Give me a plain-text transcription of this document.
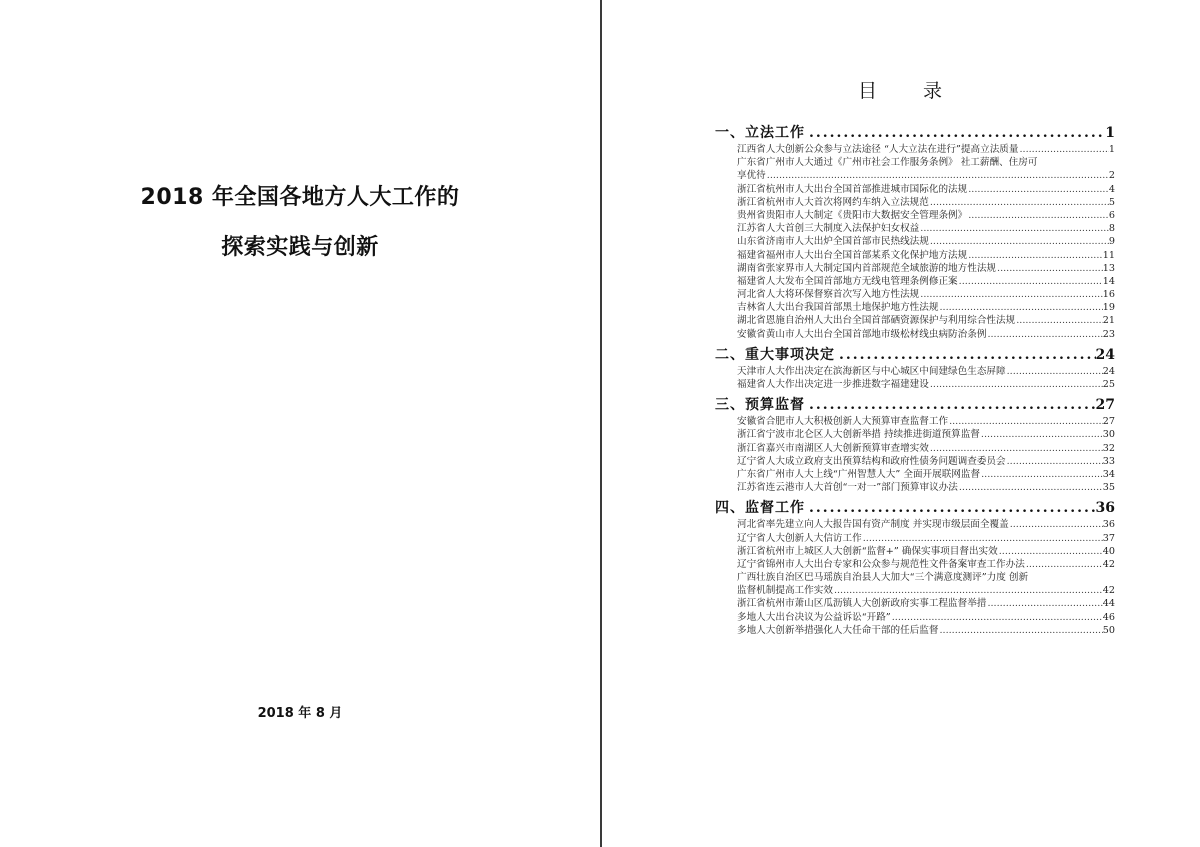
2018 年全国各地方人大工作的
探索实践与创新
2018 年 8 月
目 录
一、立法工作 .....	1
江西省人大创新公众参与立法途径 “人大立法在进行”提高立法质量 .....	1
广东省广州市人大通过《广州市社会工作服务条例》 社工薪酬、住房可
享优待 .....	2
浙江省杭州市人大出台全国首部推进城市国际化的法规 .....	4
浙江省杭州市人大首次将网约车纳入立法规范 .....	5
贵州省贵阳市人大制定《贵阳市大数据安全管理条例》 .....	6
江苏省人大首创三大制度入法保护妇女权益 .....	8
山东省济南市人大出炉全国首部市民热线法规 .....	9
福建省福州市人大出台全国首部某系文化保护地方法规 .....	11
湖南省张家界市人大制定国内首部规范全域旅游的地方性法规 .....	13
福建省人大发布全国首部地方无线电管理条例修正案 .....	14
河北省人大将环保督察首次写入地方性法规 .....	16
吉林省人大出台我国首部黑土地保护地方性法规 .....	19
湖北省恩施自治州人大出台全国首部硒资源保护与利用综合性法规 .....	21
安徽省黄山市人大出台全国首部地市级松材线虫病防治条例 .....	23
二、重大事项决定 .....	24
天津市人大作出决定在滨海新区与中心城区中间建绿色生态屏障 .....	24
福建省人大作出决定进一步推进数字福建建设 .....	25
三、预算监督 .....	27
安徽省合肥市人大积极创新人大预算审查监督工作 .....	27
浙江省宁波市北仑区人大创新举措 持续推进街道预算监督 .....	30
浙江省嘉兴市南湖区人大创新预算审查增实效 .....	32
辽宁省人大成立政府支出预算结构和政府性债务问题调查委员会 .....	33
广东省广州市人大上线“广州智慧人大” 全面开展联网监督 .....	34
江苏省连云港市人大首创“一对一”部门预算审议办法 .....	35
四、监督工作 .....	36
河北省率先建立向人大报告国有资产制度 并实现市级层面全覆盖 .....	36
辽宁省人大创新人大信访工作 .....	37
浙江省杭州市上城区人大创新“监督+” 确保实事项目督出实效 .....	40
辽宁省锦州市人大出台专家和公众参与规范性文件备案审查工作办法 .....	42
广西壮族自治区巴马瑶族自治县人大加大“三个满意度测评”力度 创新
监督机制提高工作实效 .....	42
浙江省杭州市萧山区瓜沥镇人大创新政府实事工程监督举措 .....	44
多地人大出台决议为公益诉讼“开路” .....	46
多地人大创新举措强化人大任命干部的任后监督 .....	50
